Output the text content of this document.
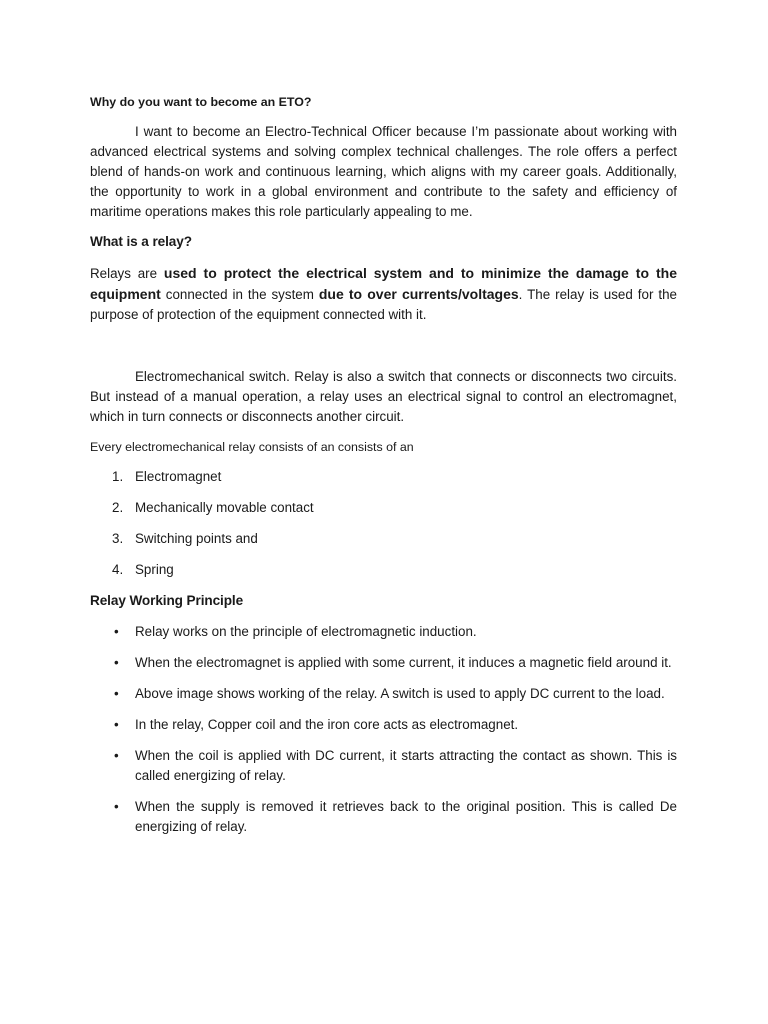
Why do you want to become an ETO?

I want to become an Electro-Technical Officer because I’m passionate about working with advanced electrical systems and solving complex technical challenges. The role offers a perfect blend of hands-on work and continuous learning, which aligns with my career goals. Additionally, the opportunity to work in a global environment and contribute to the safety and efficiency of maritime operations makes this role particularly appealing to me.

What is a relay?

Relays are used to protect the electrical system and to minimize the damage to the equipment connected in the system due to over currents/voltages. The relay is used for the purpose of protection of the equipment connected with it.

Electromechanical switch. Relay is also a switch that connects or disconnects two circuits. But instead of a manual operation, a relay uses an electrical signal to control an electromagnet, which in turn connects or disconnects another circuit.

Every electromechanical relay consists of an consists of an

1. Electromagnet
2. Mechanically movable contact
3. Switching points and
4. Spring

Relay Working Principle

• Relay works on the principle of electromagnetic induction.
• When the electromagnet is applied with some current, it induces a magnetic field around it.
• Above image shows working of the relay. A switch is used to apply DC current to the load.
• In the relay, Copper coil and the iron core acts as electromagnet.
• When the coil is applied with DC current, it starts attracting the contact as shown. This is called energizing of relay.
• When the supply is removed it retrieves back to the original position. This is called De energizing of relay.
